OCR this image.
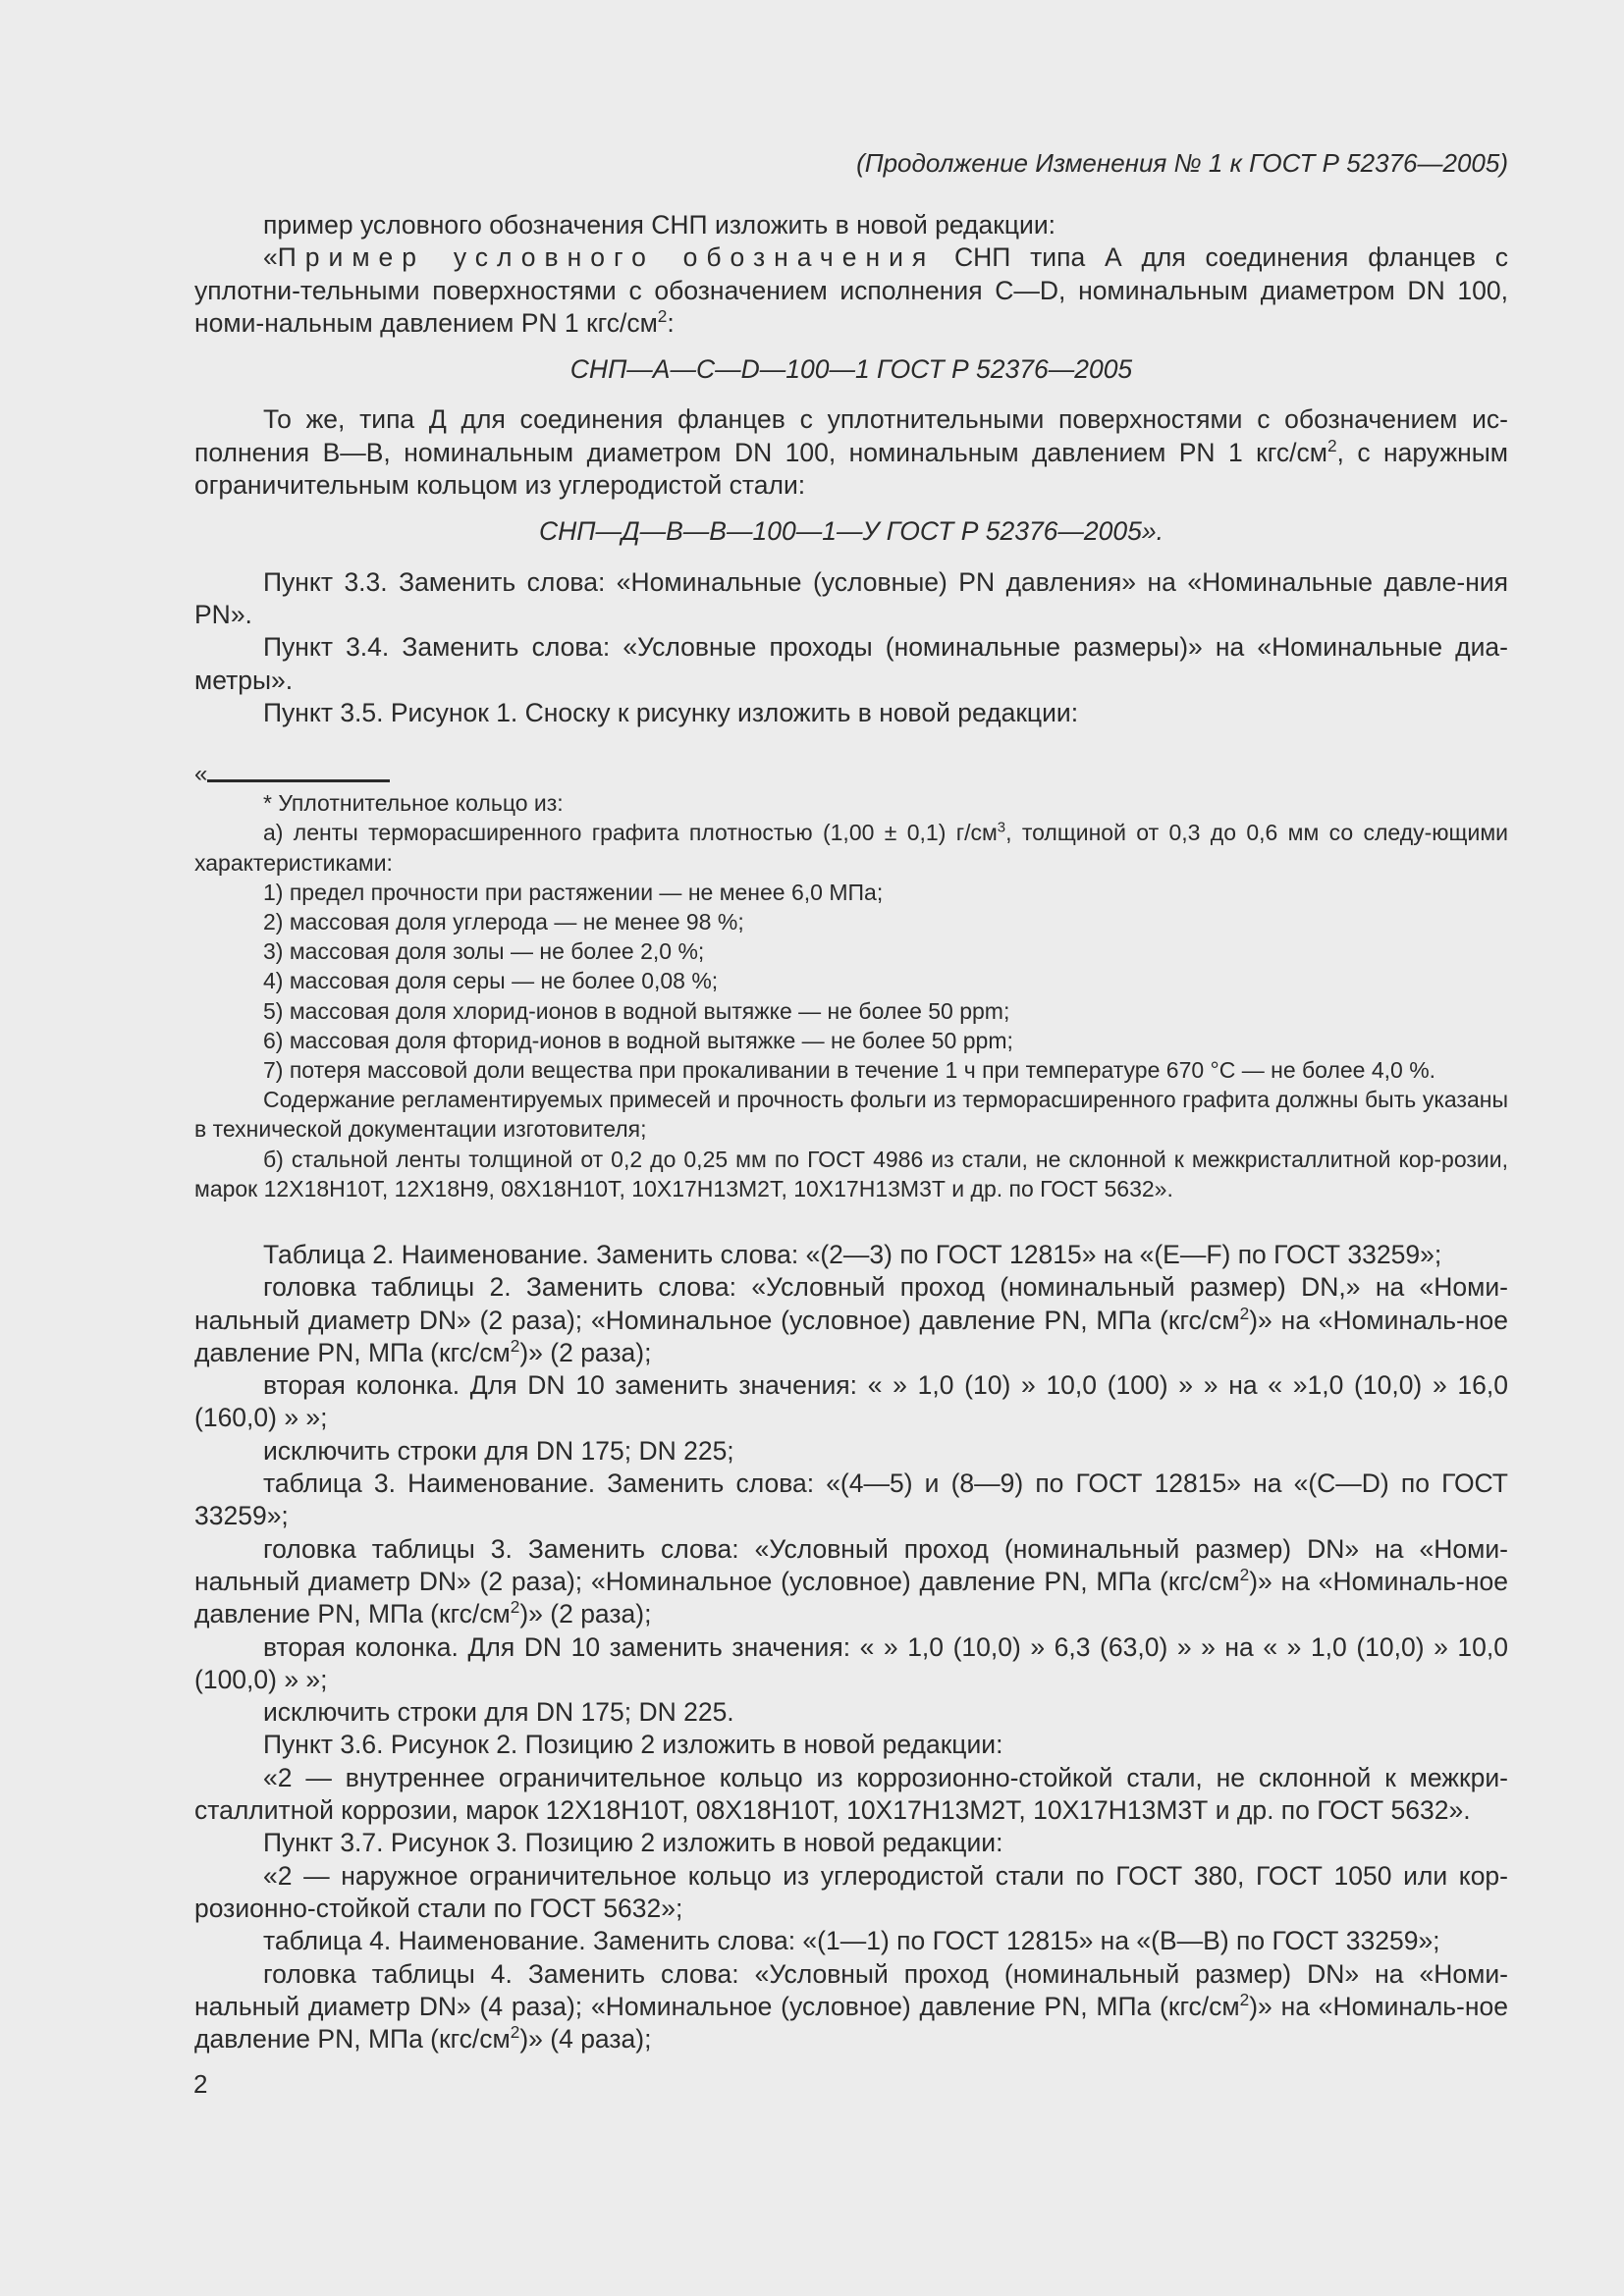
(Продолжение Изменения № 1 к ГОСТ Р 52376—2005)

пример условного обозначения СНП изложить в новой редакции:

«Пример условного обозначения СНП типа А для соединения фланцев с уплотни-тельными поверхностями с обозначением исполнения С—D, номинальным диаметром DN 100, номи-нальным давлением PN 1 кгс/$см^2$:

СНП—А—С—D—100—1 ГОСТ Р 52376—2005

То же, типа Д для соединения фланцев с уплотнительными поверхностями с обозначением ис-полнения В—В, номинальным диаметром DN 100, номинальным давлением PN 1 кгс/$см^2$, с наружным ограничительным кольцом из углеродистой стали:

СНП—Д—В—В—100—1—У ГОСТ Р 52376—2005».

Пункт 3.3. Заменить слова: «Номинальные (условные) PN давления» на «Номинальные давле-ния PN».

Пункт 3.4. Заменить слова: «Условные проходы (номинальные размеры)» на «Номинальные диа-метры».

Пункт 3.5. Рисунок 1. Сноску к рисунку изложить в новой редакции:

«

* Уплотнительное кольцо из:

а) ленты терморасширенного графита плотностью (1,00 ± 0,1) $г/см^3$, толщиной от 0,3 до 0,6 мм со следу-ющими характеристиками:

1) предел прочности при растяжении — не менее 6,0 МПа;

2) массовая доля углерода — не менее 98 %;

3) массовая доля золы — не более 2,0 %;

4) массовая доля серы — не более 0,08 %;

5) массовая доля хлорид-ионов в водной вытяжке — не более 50 ppm;

6) массовая доля фторид-ионов в водной вытяжке — не более 50 ppm;

7) потеря массовой доли вещества при прокаливании в течение 1 ч при температуре 670 °С — не более 4,0 %.

Содержание регламентируемых примесей и прочность фольги из терморасширенного графита должны быть указаны в технической документации изготовителя;

б) стальной ленты толщиной от 0,2 до 0,25 мм по ГОСТ 4986 из стали, не склонной к межкристаллитной кор-розии, марок 12Х18Н10Т, 12Х18Н9, 08Х18Н10Т, 10Х17Н13М2Т, 10Х17Н13М3Т и др. по ГОСТ 5632».

Таблица 2. Наименование. Заменить слова: «(2—3) по ГОСТ 12815» на «(Е—F) по ГОСТ 33259»;

головка таблицы 2. Заменить слова: «Условный проход (номинальный размер) DN,» на «Номи-нальный диаметр DN» (2 раза); «Номинальное (условное) давление PN, МПа $(кгс/см^2)$» на «Номиналь-ное давление PN, МПа $(кгс/см^2)$» (2 раза);

вторая колонка. Для DN 10 заменить значения: « » 1,0 (10) » 10,0 (100) » » на « »1,0 (10,0) » 16,0 (160,0) » »;

исключить строки для DN 175; DN 225;

таблица 3. Наименование. Заменить слова: «(4—5) и (8—9) по ГОСТ 12815» на «(С—D) по ГОСТ 33259»;

головка таблицы 3. Заменить слова: «Условный проход (номинальный размер) DN» на «Номи-нальный диаметр DN» (2 раза); «Номинальное (условное) давление PN, МПа $(кгс/см^2)$» на «Номиналь-ное давление PN, МПа $(кгс/см^2)$» (2 раза);

вторая колонка. Для DN 10 заменить значения: « » 1,0 (10,0) » 6,3 (63,0) » » на « » 1,0 (10,0) » 10,0 (100,0) » »;

исключить строки для DN 175; DN 225.

Пункт 3.6. Рисунок 2. Позицию 2 изложить в новой редакции:

«2 — внутреннее ограничительное кольцо из коррозионно-стойкой стали, не склонной к межкри-сталлитной коррозии, марок 12Х18Н10Т, 08Х18Н10Т, 10Х17Н13М2Т, 10Х17Н13М3Т и др. по ГОСТ 5632».

Пункт 3.7. Рисунок 3. Позицию 2 изложить в новой редакции:

«2 — наружное ограничительное кольцо из углеродистой стали по ГОСТ 380, ГОСТ 1050 или кор-розионно-стойкой стали по ГОСТ 5632»;

таблица 4. Наименование. Заменить слова: «(1—1) по ГОСТ 12815» на «(В—В) по ГОСТ 33259»;

головка таблицы 4. Заменить слова: «Условный проход (номинальный размер) DN» на «Номи-нальный диаметр DN» (4 раза); «Номинальное (условное) давление PN, МПа $(кгс/см^2)$» на «Номиналь-ное давление PN, МПа $(кгс/см^2)$» (4 раза);

2
